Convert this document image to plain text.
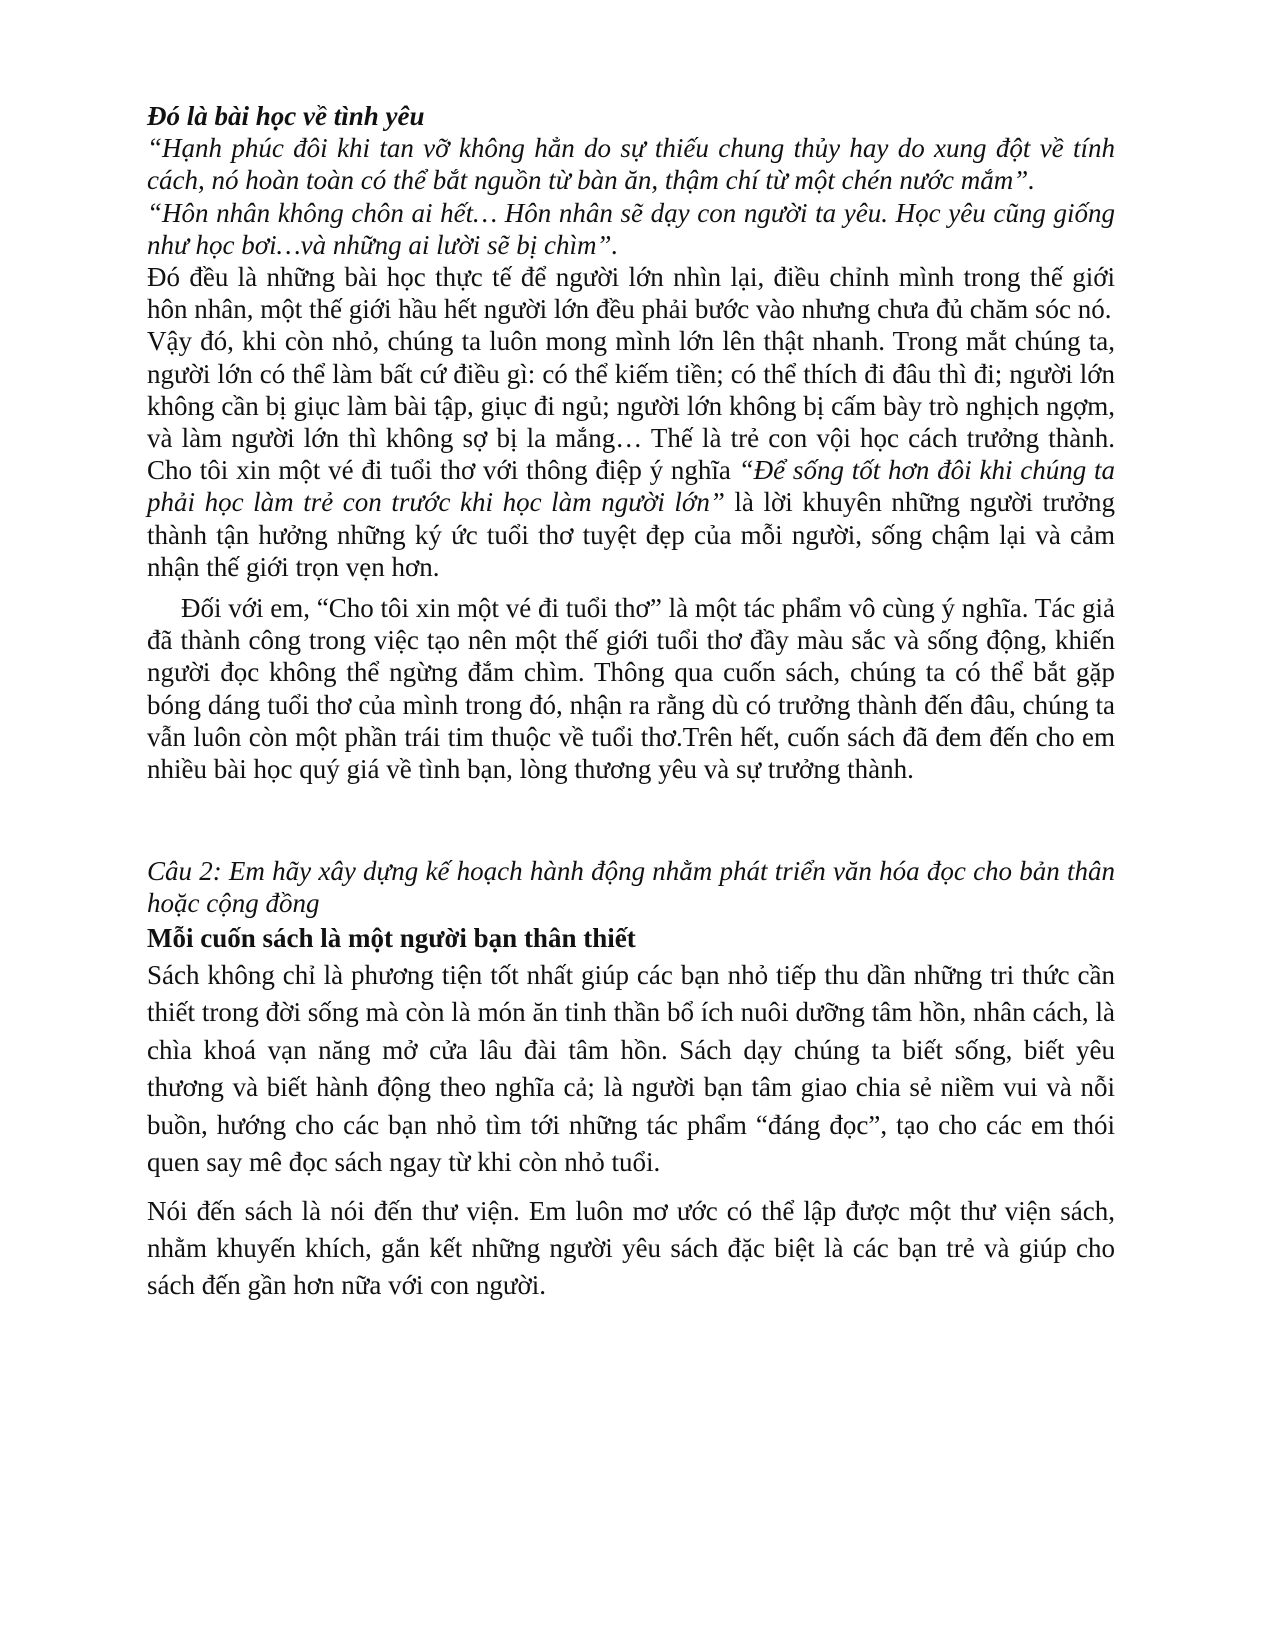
Đó là bài học về tình yêu

“Hạnh phúc đôi khi tan vỡ không hẳn do sự thiếu chung thủy hay do xung đột về tính cách, nó hoàn toàn có thể bắt nguồn từ bàn ăn, thậm chí từ một chén nước mắm”.

“Hôn nhân không chôn ai hết… Hôn nhân sẽ dạy con người ta yêu. Học yêu cũng giống như học bơi…và những ai lười sẽ bị chìm”.

Đó đều là những bài học thực tế để người lớn nhìn lại, điều chỉnh mình trong thế giới hôn nhân, một thế giới hầu hết người lớn đều phải bước vào nhưng chưa đủ chăm sóc nó.

Vậy đó, khi còn nhỏ, chúng ta luôn mong mình lớn lên thật nhanh. Trong mắt chúng ta, người lớn có thể làm bất cứ điều gì: có thể kiếm tiền; có thể thích đi đâu thì đi; người lớn không cần bị giục làm bài tập, giục đi ngủ; người lớn không bị cấm bày trò nghịch ngợm, và làm người lớn thì không sợ bị la mắng… Thế là trẻ con vội học cách trưởng thành. Cho tôi xin một vé đi tuổi thơ với thông điệp ý nghĩa “Để sống tốt hơn đôi khi chúng ta phải học làm trẻ con trước khi học làm người lớn” là lời khuyên những người trưởng thành tận hưởng những ký ức tuổi thơ tuyệt đẹp của mỗi người, sống chậm lại và cảm nhận thế giới trọn vẹn hơn.

Đối với em, “Cho tôi xin một vé đi tuổi thơ” là một tác phẩm vô cùng ý nghĩa. Tác giả đã thành công trong việc tạo nên một thế giới tuổi thơ đầy màu sắc và sống động, khiến người đọc không thể ngừng đắm chìm. Thông qua cuốn sách, chúng ta có thể bắt gặp bóng dáng tuổi thơ của mình trong đó, nhận ra rằng dù có trưởng thành đến đâu, chúng ta vẫn luôn còn một phần trái tim thuộc về tuổi thơ.Trên hết, cuốn sách đã đem đến cho em nhiều bài học quý giá về tình bạn, lòng thương yêu và sự trưởng thành.

Câu 2: Em hãy xây dựng kế hoạch hành động nhằm phát triển văn hóa đọc cho bản thân hoặc cộng đồng

Mỗi cuốn sách là một người bạn thân thiết

Sách không chỉ là phương tiện tốt nhất giúp các bạn nhỏ tiếp thu dần những tri thức cần thiết trong đời sống mà còn là món ăn tinh thần bổ ích nuôi dưỡng tâm hồn, nhân cách, là chìa khoá vạn năng mở cửa lâu đài tâm hồn. Sách dạy chúng ta biết sống, biết yêu thương và biết hành động theo nghĩa cả; là người bạn tâm giao chia sẻ niềm vui và nỗi buồn, hướng cho các bạn nhỏ tìm tới những tác phẩm “đáng đọc”, tạo cho các em thói quen say mê đọc sách ngay từ khi còn nhỏ tuổi.

Nói đến sách là nói đến thư viện. Em luôn mơ ước có thể lập được một thư viện sách, nhằm khuyến khích, gắn kết những người yêu sách đặc biệt là các bạn trẻ và giúp cho sách đến gần hơn nữa với con người.
